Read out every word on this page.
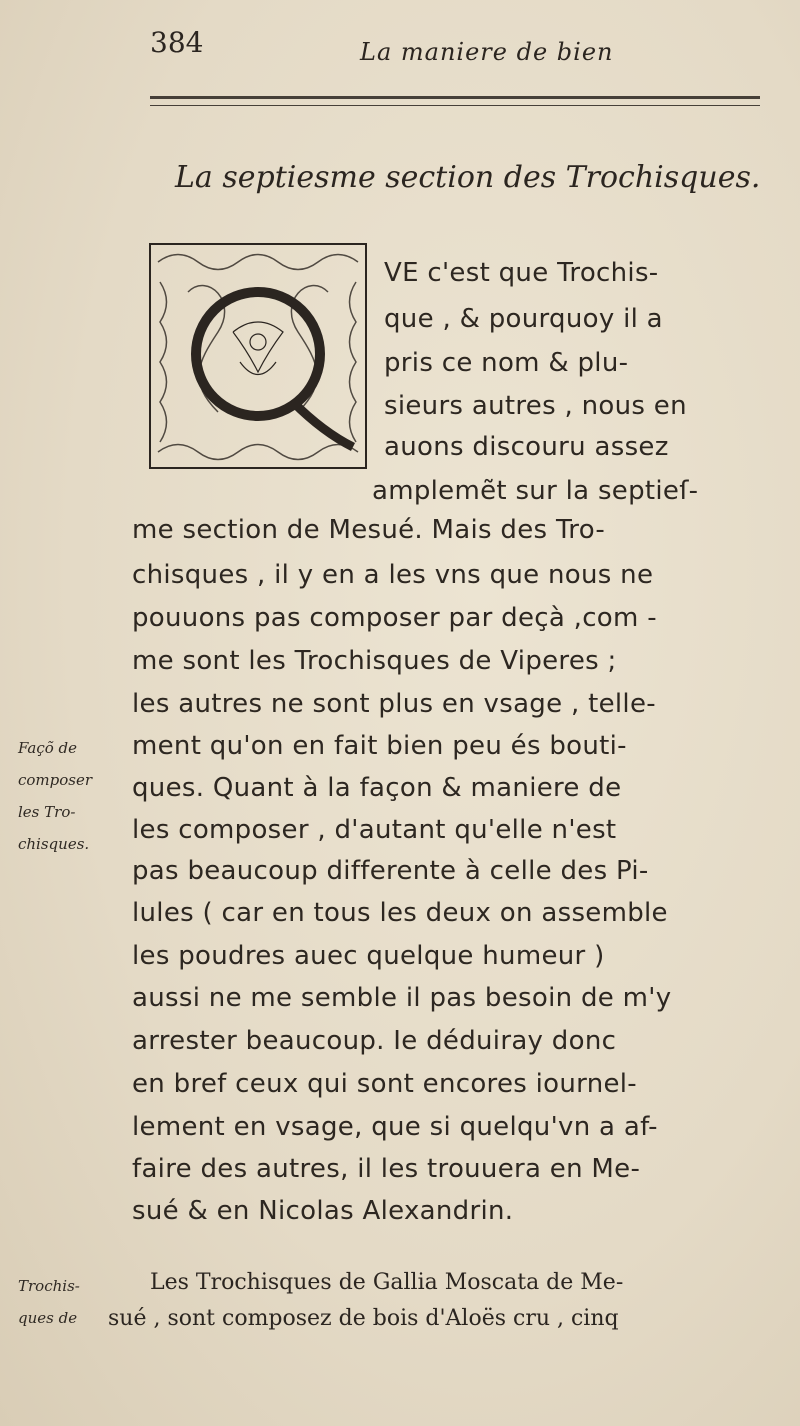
384	La maniere de bien
La septiesme section des Trochisques.
VE c'est que Trochis-
que , & pourquoy il a
pris ce nom & plu-
sieurs autres , nous en
auons discouru assez
amplemẽt sur la septieſ-
me section de Mesué. Mais des Tro-
chisques , il y en a les vns que nous ne
pouuons pas composer par deçà ,com -
me sont les Trochisques de Viperes ;
les autres ne sont plus en vsage , telle-
ment qu'on en fait bien peu és bouti-
ques. Quant à la façon & maniere de
les composer , d'autant qu'elle n'est
pas beaucoup differente à celle des Pi-
lules ( car en tous les deux on assemble
les poudres auec quelque humeur )
aussi ne me semble il pas besoin de m'y
arrester beaucoup. Ie déduiray donc
en bref ceux qui sont encores iournel-
lement en vsage, que si quelqu'vn a af-
faire des autres, il les trouuera en Me-
sué & en Nicolas Alexandrin.
Façõ de
composer
les Tro-
chisques.
Trochis-
ques de
Les Trochisques de Gallia Moscata de Me-
sué , sont composez de bois d'Aloës cru , cinq
